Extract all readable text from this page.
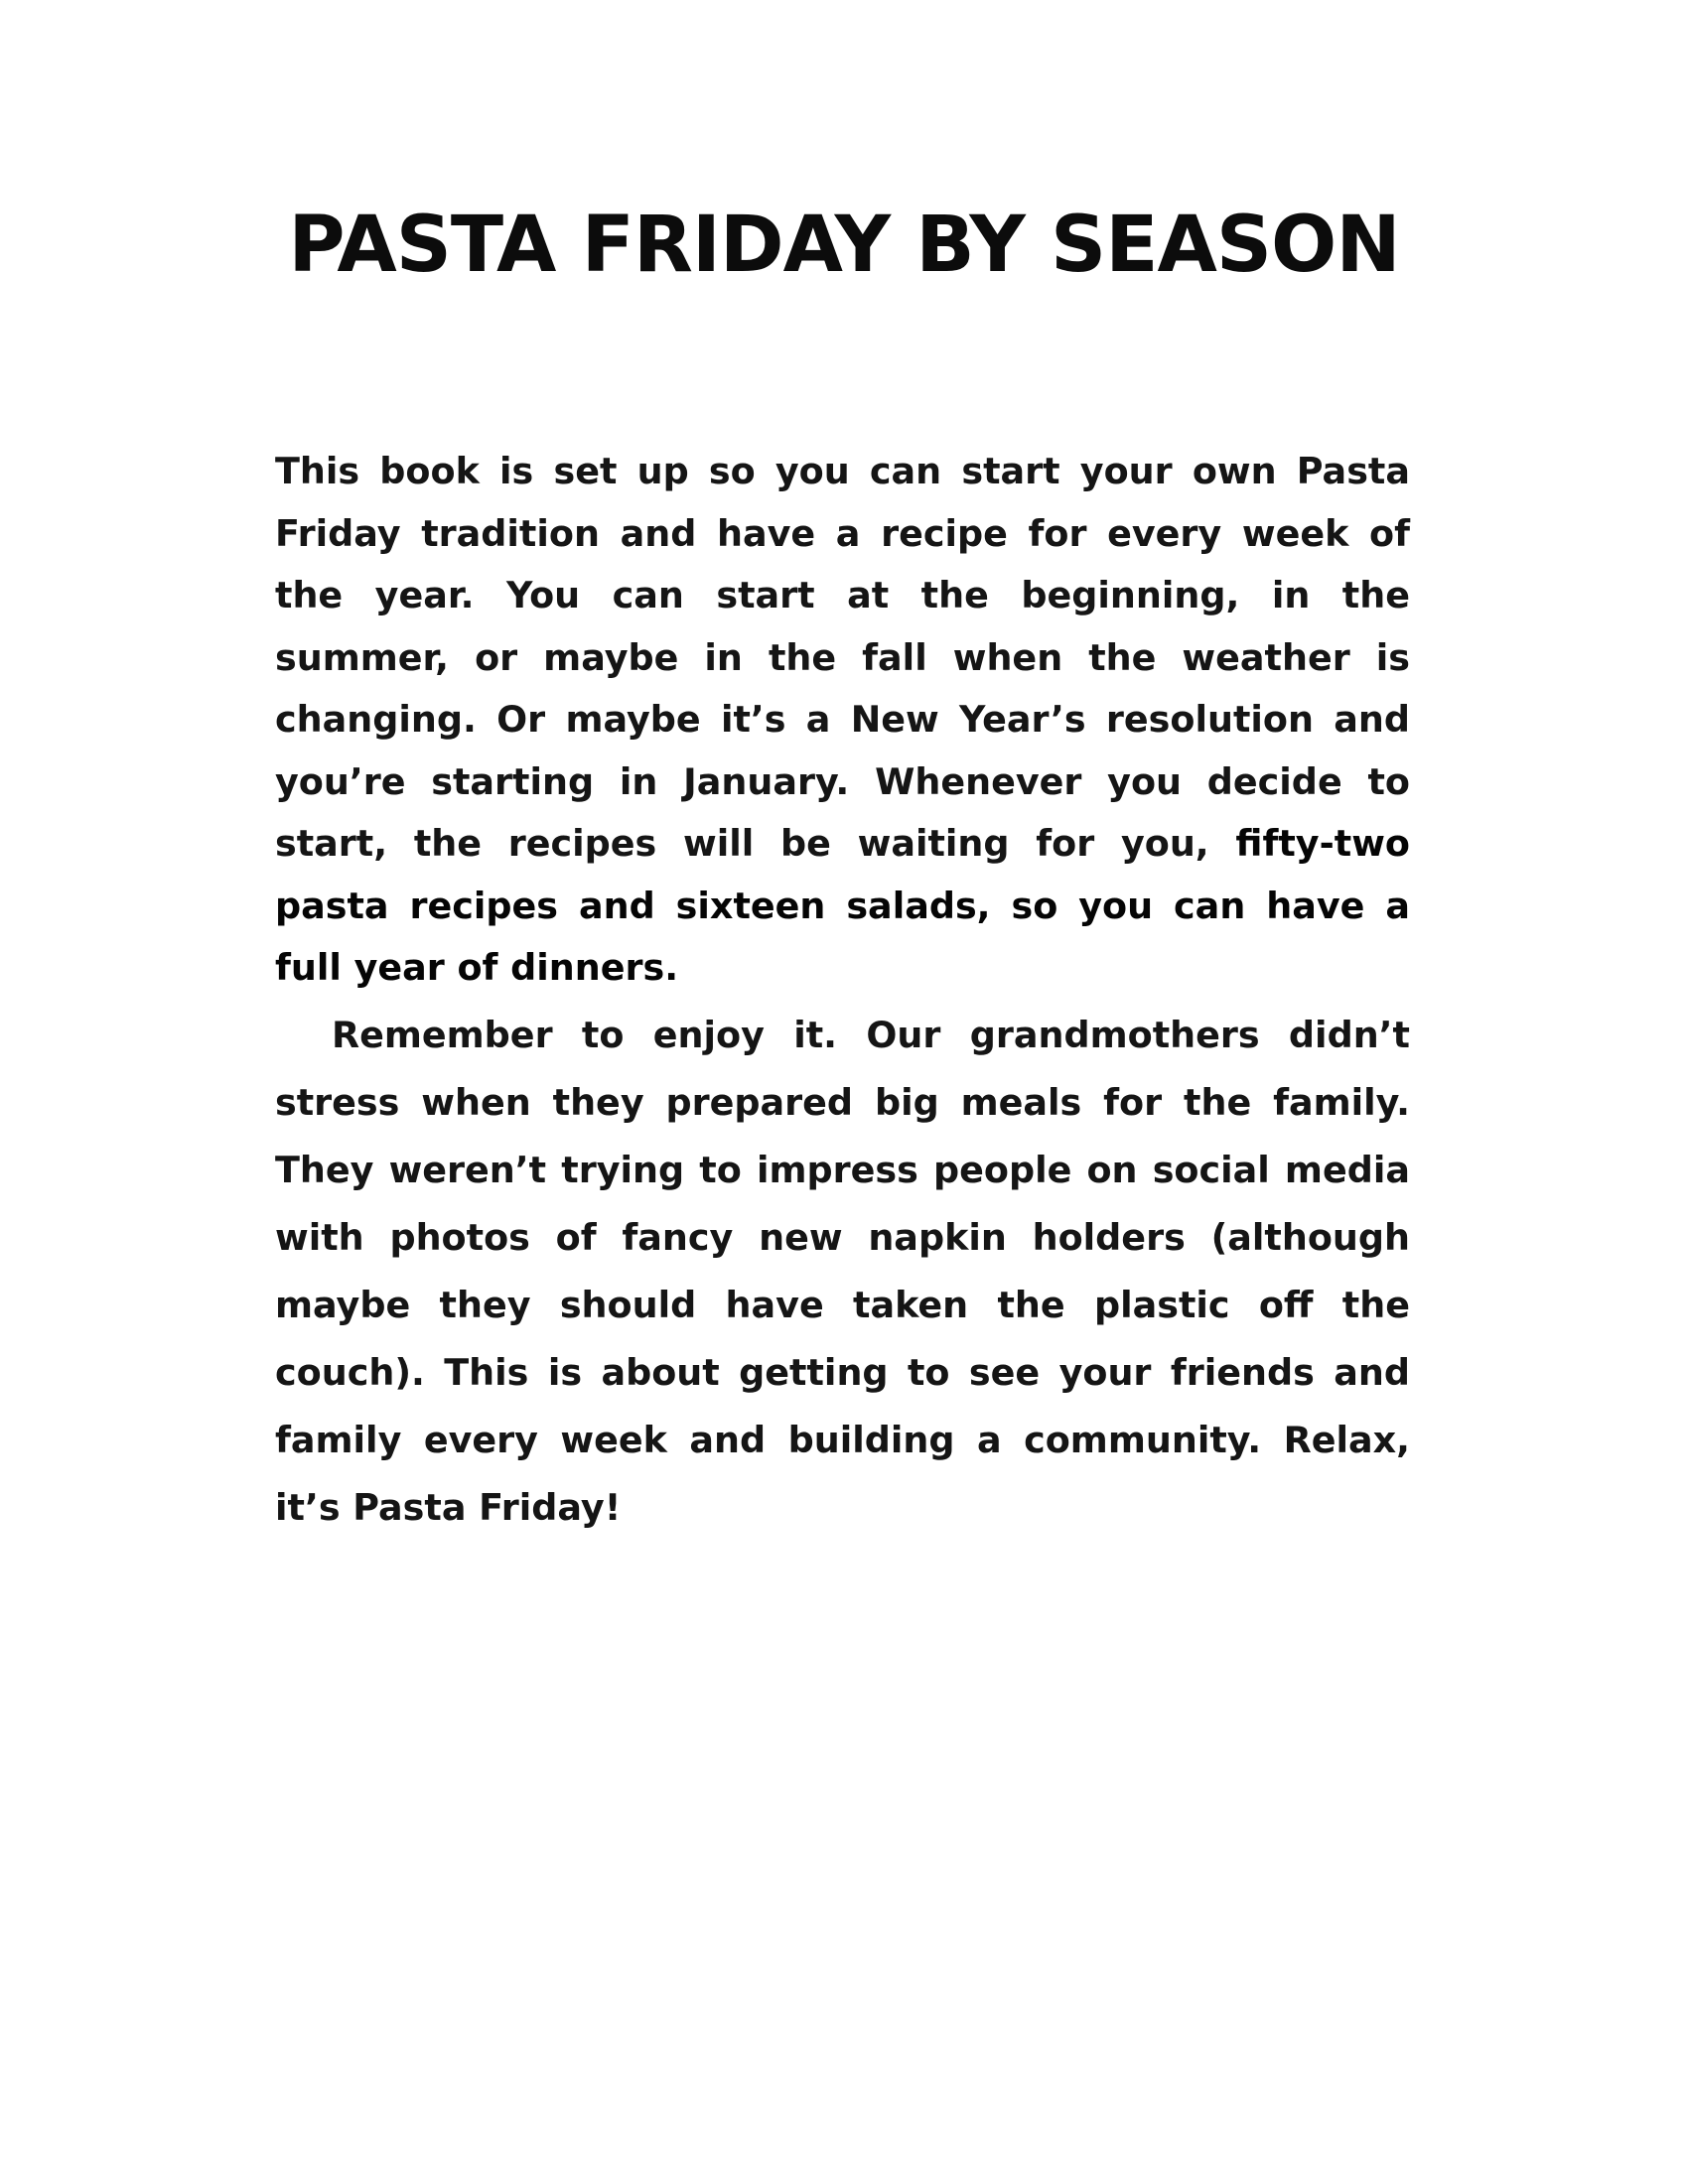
PASTA FRIDAY BY SEASON

This book is set up so you can start your own Pasta Friday tradition and have a recipe for every week of the year. You can start at the beginning, in the summer, or maybe in the fall when the weather is changing. Or maybe it’s a New Year’s resolution and you’re starting in January. Whenever you decide to start, the recipes will be waiting for you, fifty-two pasta recipes and sixteen salads, so you can have a full year of dinners.

Remember to enjoy it. Our grandmothers didn’t stress when they prepared big meals for the family. They weren’t trying to impress people on social media with photos of fancy new napkin holders (although maybe they should have taken the plastic off the couch). This is about getting to see your friends and family every week and building a community. Relax, it’s Pasta Friday!
